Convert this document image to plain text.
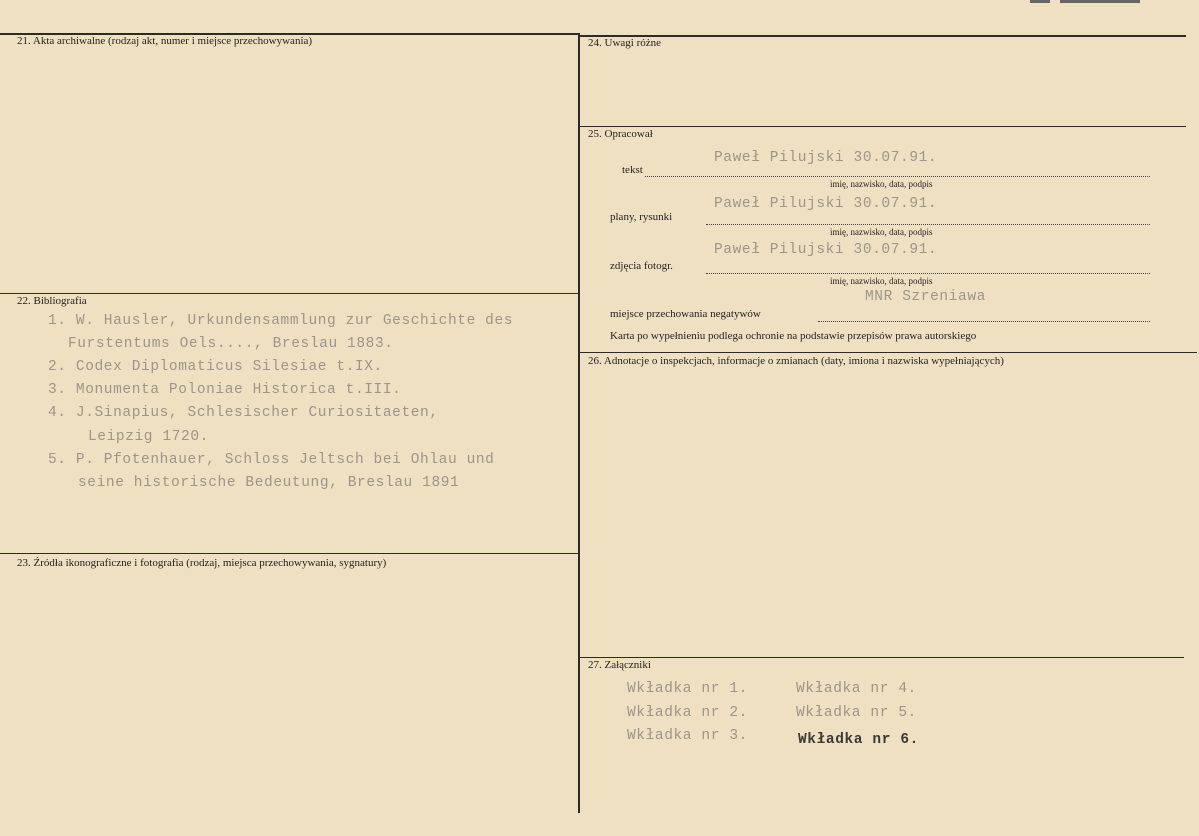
21. Akta archiwalne (rodzaj akt, numer i miejsce przechowywania)
22. Bibliografia
1. W. Hausler, Urkundensammlung zur Geschichte des
Furstentums Oels...., Breslau 1883.
2. Codex Diplomaticus Silesiae t.IX.
3. Monumenta Poloniae Historica t.III.
4. J.Sinapius, Schlesischer Curiositaeten,
Leipzig 1720.
5. P. Pfotenhauer, Schloss Jeltsch bei Ohlau und
seine historische Bedeutung, Breslau 1891
23. Źródła ikonograficzne i fotografia (rodzaj, miejsca przechowywania, sygnatury)
24. Uwagi różne
25. Opracował
Paweł Pilujski 30.07.91.
tekst
imię, nazwisko, data, podpis
Paweł Pilujski 30.07.91.
plany, rysunki
imię, nazwisko, data, podpis
Paweł Pilujski 30.07.91.
zdjęcia fotogr.
imię, nazwisko, data, podpis
MNR Szreniawa
miejsce przechowania negatywów
Karta po wypełnieniu podlega ochronie na podstawie przepisów prawa autorskiego
26. Adnotacje o inspekcjach, informacje o zmianach (daty, imiona i nazwiska wypełniających)
27. Załączniki
Wkładka nr 1.
Wkładka nr 2.
Wkładka nr 3.
Wkładka nr 4.
Wkładka nr 5.
Wkładka nr 6.
